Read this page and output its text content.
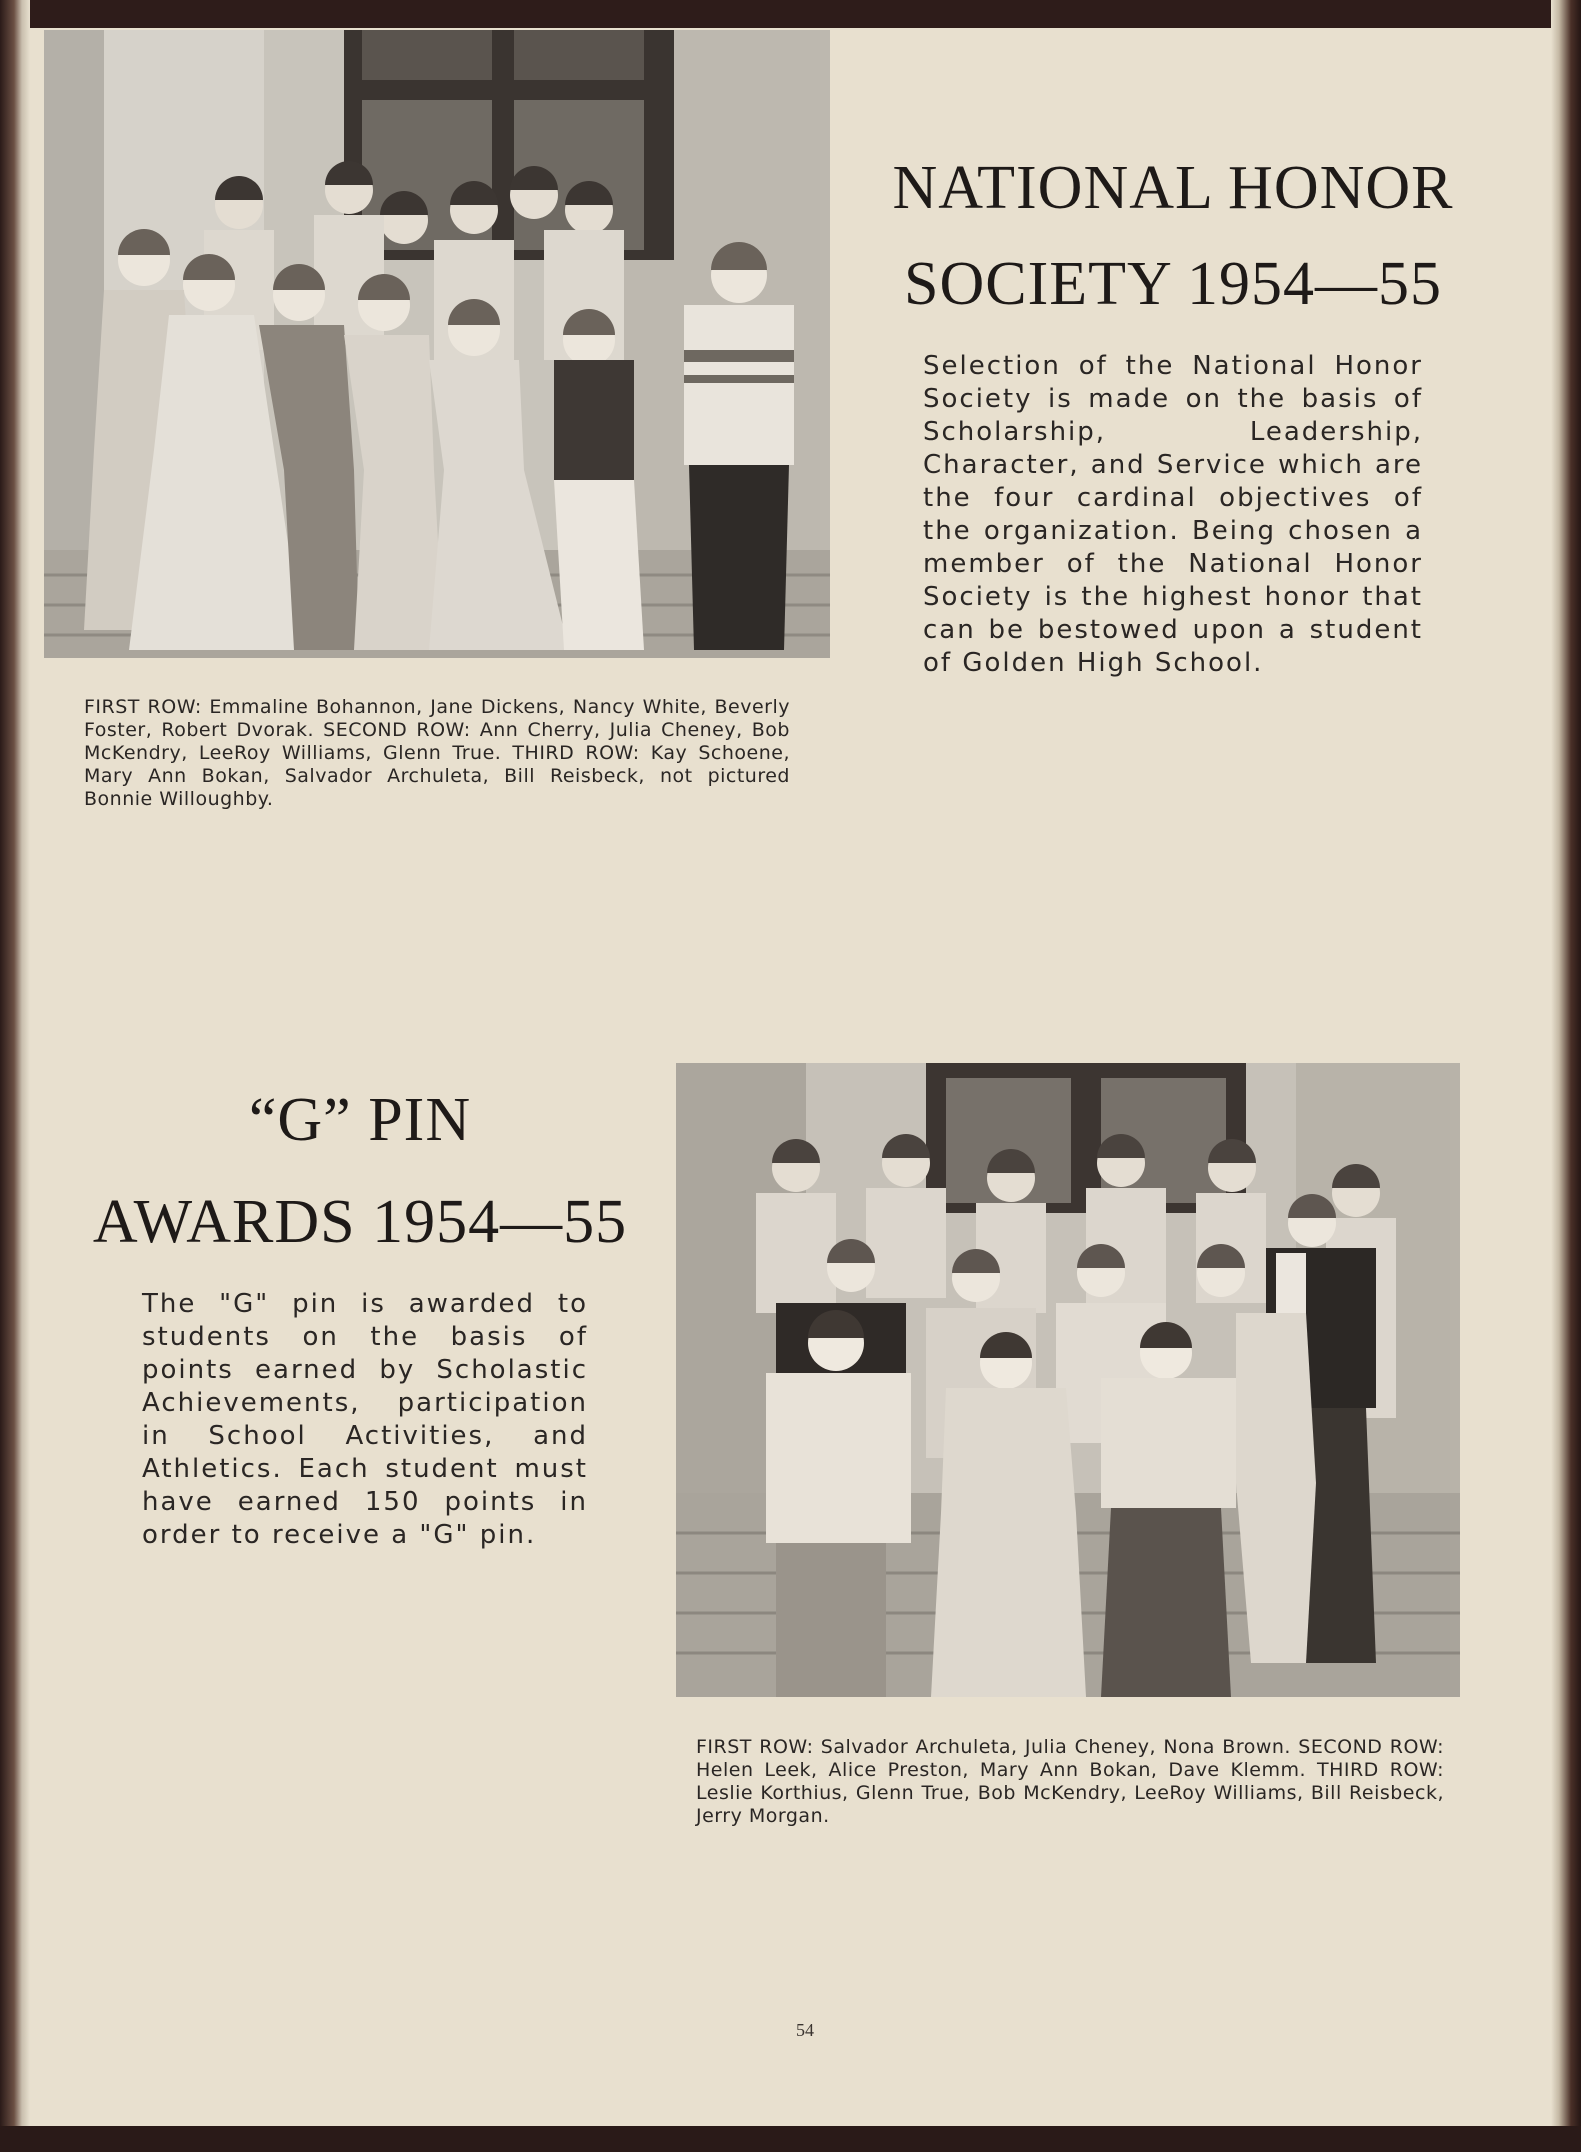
FIRST ROW: Emmaline Bohannon, Jane Dickens, Nancy White, Beverly Foster, Robert Dvorak. SECOND ROW: Ann Cherry, Julia Cheney, Bob McKendry, LeeRoy Williams, Glenn True. THIRD ROW: Kay Schoene, Mary Ann Bokan, Salvador Archuleta, Bill Reisbeck, not pictured Bonnie Willoughby.
NATIONAL HONOR
SOCIETY 1954—55
Selection of the National Honor Society is made on the basis of Scholarship, Leadership, Character, and Service which are the four cardinal objectives of the organization. Being chosen a member of the National Honor Society is the highest honor that can be bestowed upon a student of Golden High School.
“G” PIN
AWARDS 1954—55
The "G" pin is awarded to students on the basis of points earned by Scholastic Achievements, participation in School Activities, and Athletics. Each student must have earned 150 points in order to receive a "G" pin.
FIRST ROW: Salvador Archuleta, Julia Cheney, Nona Brown. SECOND ROW: Helen Leek, Alice Preston, Mary Ann Bokan, Dave Klemm. THIRD ROW: Leslie Korthius, Glenn True, Bob McKendry, LeeRoy Williams, Bill Reisbeck, Jerry Morgan.
54
